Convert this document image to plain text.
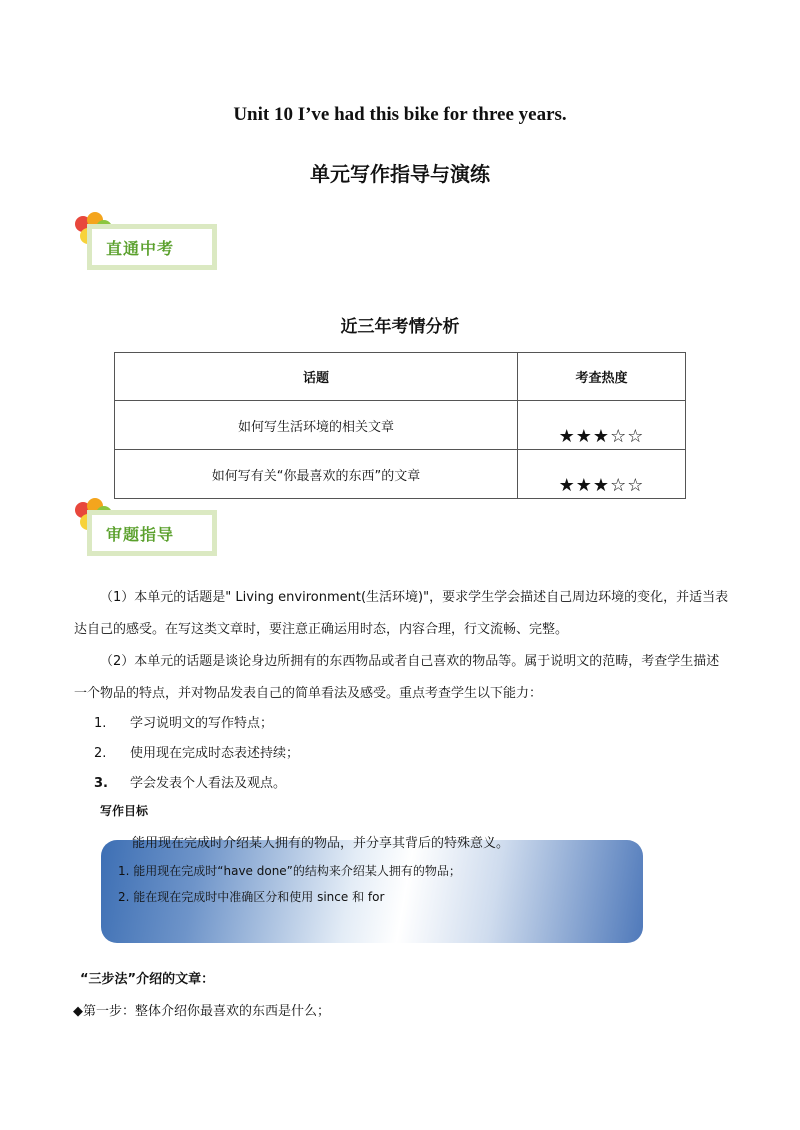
Unit 10 I’ve had this bike for three years.
单元写作指导与演练
直通中考
近三年考情分析
话题	考查热度
如何写生活环境的相关文章	★★★☆☆
如何写有关“你最喜欢的东西”的文章	★★★☆☆
审题指导

（1）本单元的话题是" Living environment(生活环境)"，要求学生学会描述自己周边环境的变化，并适当表达自己的感受。在写这类文章时，要注意正确运用时态，内容合理，行文流畅、完整。

（2）本单元的话题是谈论身边所拥有的东西物品或者自己喜欢的物品等。属于说明文的范畴，考查学生描述一个物品的特点，并对物品发表自己的简单看法及感受。重点考查学生以下能力：

1. 学习说明文的写作特点；
2. 使用现在完成时态表述持续；
3. 学会发表个人看法及观点。
写作目标
能用现在完成时介绍某人拥有的物品，并分享其背后的特殊意义。
1. 能用现在完成时“have done”的结构来介绍某人拥有的物品；
2. 能在现在完成时中准确区分和使用 since 和 for
“三步法”介绍的文章：
◆第一步：整体介绍你最喜欢的东西是什么；
